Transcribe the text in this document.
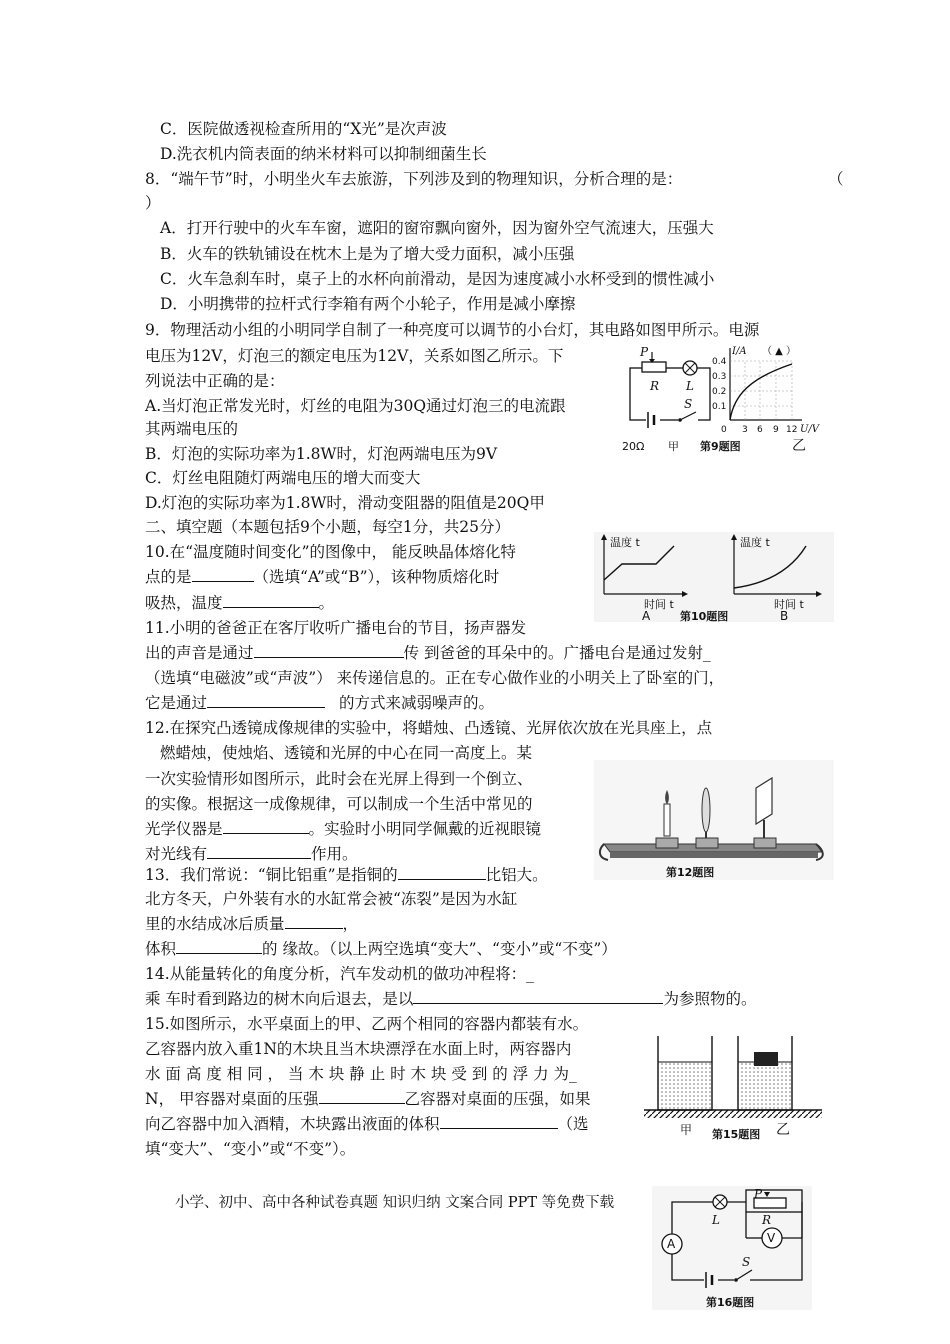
C．医院做透视检查所用的“X光”是次声波
D.洗衣机内筒表面的纳米材料可以抑制细菌生长
8．“端午节”时，小明坐火车去旅游，下列涉及到的物理知识，分析合理的是：	（
）
A．打开行驶中的火车车窗，遮阳的窗帘飘向窗外，因为窗外空气流速大，压强大
B．火车的铁轨铺设在枕木上是为了增大受力面积，减小压强
C．火车急刹车时，桌子上的水杯向前滑动，是因为速度减小水杯受到的惯性减小
D．小明携带的拉杆式行李箱有两个小轮子，作用是减小摩擦
9．物理活动小组的小明同学自制了一种亮度可以调节的小台灯，其电路如图甲所示。电源
电压为12V，灯泡三的额定电压为12V，关系如图乙所示。下
列说法中正确的是：
A.当灯泡正常发光时，灯丝的电阻为30Q通过灯泡三的电流跟
其两端电压的
B．灯泡的实际功率为1.8W时，灯泡两端电压为9V
C．灯丝电阻随灯两端电压的增大而变大
D.灯泡的实际功率为1.8W时，滑动变阻器的阻值是20Q甲
P
R L
S
20Ω 甲 第9题图	乙
I/A （ ▲ ）
0.4
0.3
0.2
0.1
0 3 6 9 12 U/V
二、填空题（本题包括9个小题，每空1分，共25分）
10.在“温度随时间变化”的图像中， 能反映晶体熔化特
点的是	（选填“A”或“B”），该种物质熔化时
吸热，温度	。
温度 t
时间 t
A	第10题图
温度 t
时间 t
B
11.小明的爸爸正在客厅收听广播电台的节目，扬声器发
出的声音是通过	传 到爸爸的耳朵中的。广播电台是通过发射_
（选填“电磁波”或“声波”） 来传递信息的。正在专心做作业的小明关上了卧室的门，
它是通过	的方式来减弱噪声的。
12.在探究凸透镜成像规律的实验中，将蜡烛、凸透镜、光屏依次放在光具座上，点
燃蜡烛，使烛焰、透镜和光屏的中心在同一高度上。某
一次实验情形如图所示，此时会在光屏上得到一个倒立、
的实像。根据这一成像规律，可以制成一个生活中常见的
光学仪器是	。实验时小明同学佩戴的近视眼镜
对光线有	作用。
第12题图
13．我们常说：“铜比铝重”是指铜的	比铝大。
北方冬天，户外装有水的水缸常会被“冻裂”是因为水缸
里的水结成冰后质量	，
体积	的 缘故。（以上两空选填“变大”、“变小”或“不变”）
14.从能量转化的角度分析，汽车发动机的做功冲程将：_
乘 车时看到路边的树木向后退去，是以	为参照物的。
15.如图所示，水平桌面上的甲、乙两个相同的容器内都装有水。
乙容器内放入重1N的木块且当木块漂浮在水面上时，两容器内
水 面 高 度 相 同 ， 当 木 块 静 止 时 木 块 受 到 的 浮 力 为_
N， 甲容器对桌面的压强	乙容器对桌面的压强，如果
向乙容器中加入酒精，木块露出液面的体积	（选
填“变大”、“变小”或“不变”）。
甲 第15题图 乙
小学、初中、高中各种试卷真题 知识归纳 文案合同 PPT 等免费下载
L
P
R
V
A
S
第16题图
